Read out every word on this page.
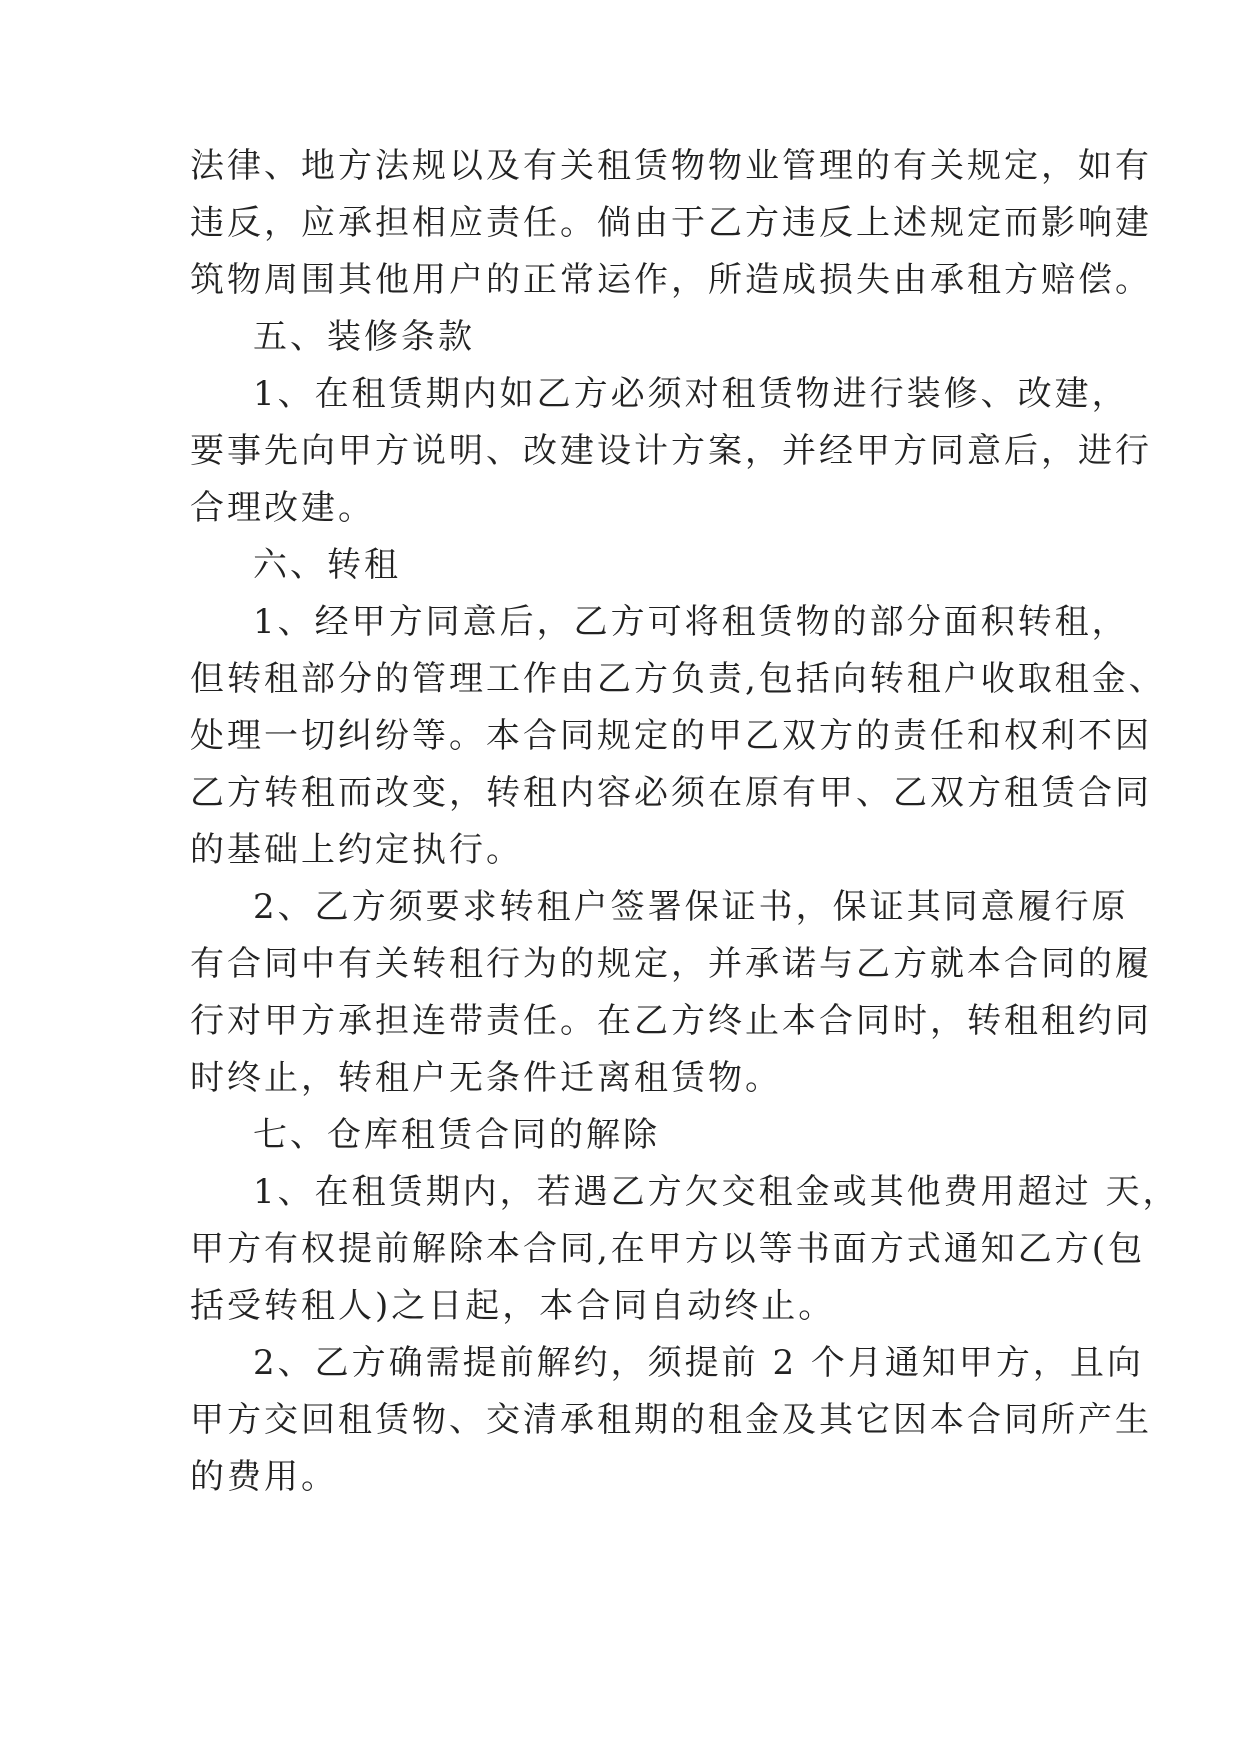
法律、地方法规以及有关租赁物物业管理的有关规定，如有
违反，应承担相应责任。倘由于乙方违反上述规定而影响建
筑物周围其他用户的正常运作，所造成损失由承租方赔偿。
五、装修条款
1、在租赁期内如乙方必须对租赁物进行装修、改建，
要事先向甲方说明、改建设计方案，并经甲方同意后，进行
合理改建。
六、转租
1、经甲方同意后，乙方可将租赁物的部分面积转租，
但转租部分的管理工作由乙方负责,包括向转租户收取租金、
处理一切纠纷等。本合同规定的甲乙双方的责任和权利不因
乙方转租而改变，转租内容必须在原有甲、乙双方租赁合同
的基础上约定执行。
2、乙方须要求转租户签署保证书，保证其同意履行原
有合同中有关转租行为的规定，并承诺与乙方就本合同的履
行对甲方承担连带责任。在乙方终止本合同时，转租租约同
时终止，转租户无条件迁离租赁物。
七、仓库租赁合同的解除
1、在租赁期内，若遇乙方欠交租金或其他费用超过 天，
甲方有权提前解除本合同,在甲方以等书面方式通知乙方(包
括受转租人)之日起，本合同自动终止。
2、乙方确需提前解约，须提前 2 个月通知甲方，且向
甲方交回租赁物、交清承租期的租金及其它因本合同所产生
的费用。
